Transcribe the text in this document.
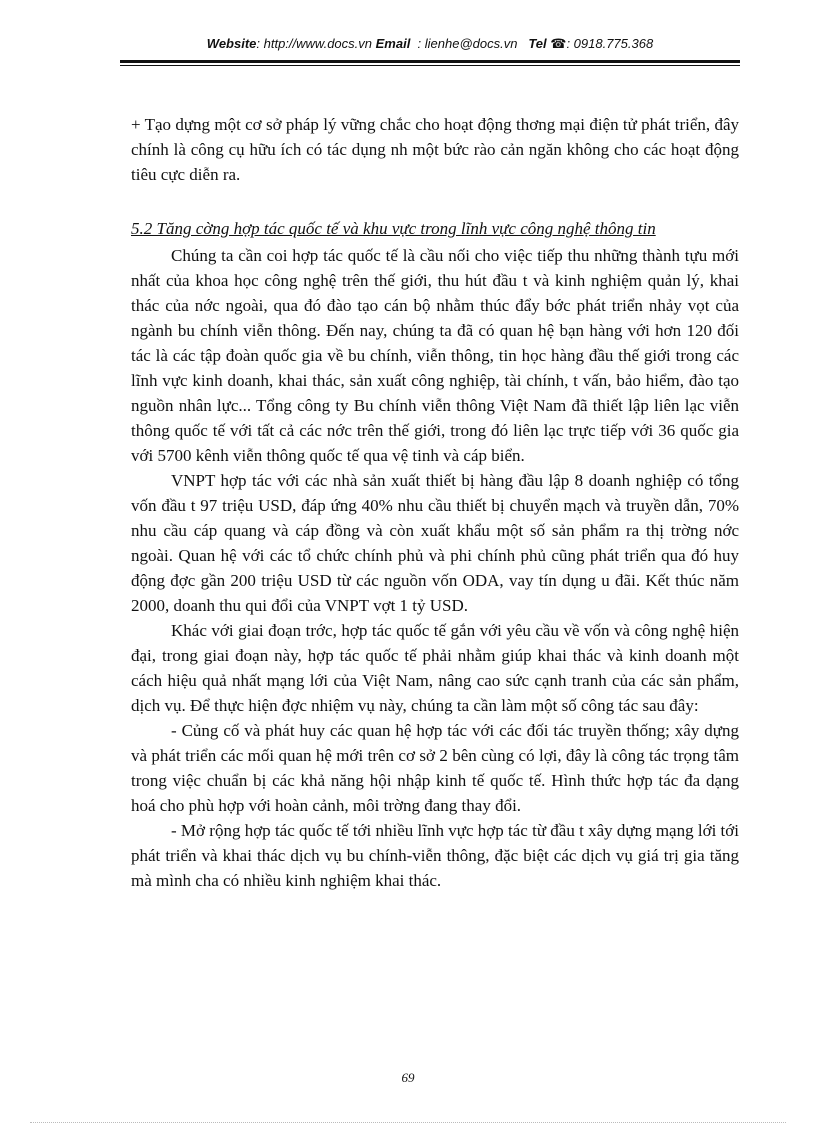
Website: http://www.docs.vn Email : lienhe@docs.vn Tel ☎: 0918.775.368

+ Tạo dựng một cơ sở pháp lý vững chắc cho hoạt động thơng mại điện tử phát triển, đây chính là công cụ hữu ích có tác dụng nh một bức rào cản ngăn không cho các hoạt động tiêu cực diễn ra.

5.2 Tăng cờng hợp tác quốc tế và khu vực trong lĩnh vực công nghệ thông tin

Chúng ta cần coi hợp tác quốc tế là cầu nối cho việc tiếp thu những thành tựu mới nhất của khoa học công nghệ trên thế giới, thu hút đầu t và kinh nghiệm quản lý, khai thác của nớc ngoài, qua đó đào tạo cán bộ nhằm thúc đẩy bớc phát triển nhảy vọt của ngành bu chính viễn thông. Đến nay, chúng ta đã có quan hệ bạn hàng với hơn 120 đối tác là các tập đoàn quốc gia về bu chính, viễn thông, tin học hàng đầu thế giới trong các lĩnh vực kinh doanh, khai thác, sản xuất công nghiệp, tài chính, t vấn, bảo hiểm, đào tạo nguồn nhân lực... Tổng công ty Bu chính viễn thông Việt Nam đã thiết lập liên lạc viễn thông quốc tế với tất cả các nớc trên thế giới, trong đó liên lạc trực tiếp với 36 quốc gia với 5700 kênh viễn thông quốc tế qua vệ tinh và cáp biển.

VNPT hợp tác với các nhà sản xuất thiết bị hàng đầu lập 8 doanh nghiệp có tổng vốn đầu t 97 triệu USD, đáp ứng 40% nhu cầu thiết bị chuyển mạch và truyền dẫn, 70% nhu cầu cáp quang và cáp đồng và còn xuất khẩu một số sản phẩm ra thị trờng nớc ngoài. Quan hệ với các tổ chức chính phủ và phi chính phủ cũng phát triển qua đó huy động đợc gần 200 triệu USD từ các nguồn vốn ODA, vay tín dụng u đãi. Kết thúc năm 2000, doanh thu qui đổi của VNPT vợt 1 tỷ USD.

Khác với giai đoạn trớc, hợp tác quốc tế gắn với yêu cầu về vốn và công nghệ hiện đại, trong giai đoạn này, hợp tác quốc tế phải nhằm giúp khai thác và kinh doanh một cách hiệu quả nhất mạng lới của Việt Nam, nâng cao sức cạnh tranh của các sản phẩm, dịch vụ. Để thực hiện đợc nhiệm vụ này, chúng ta cần làm một số công tác sau đây:

- Củng cố và phát huy các quan hệ hợp tác với các đối tác truyền thống; xây dựng và phát triển các mối quan hệ mới trên cơ sở 2 bên cùng có lợi, đây là công tác trọng tâm trong việc chuẩn bị các khả năng hội nhập kinh tế quốc tế. Hình thức hợp tác đa dạng hoá cho phù hợp với hoàn cảnh, môi trờng đang thay đổi.

- Mở rộng hợp tác quốc tế tới nhiều lĩnh vực hợp tác từ đầu t xây dựng mạng lới tới phát triển và khai thác dịch vụ bu chính-viễn thông, đặc biệt các dịch vụ giá trị gia tăng mà mình cha có nhiều kinh nghiệm khai thác.

69
